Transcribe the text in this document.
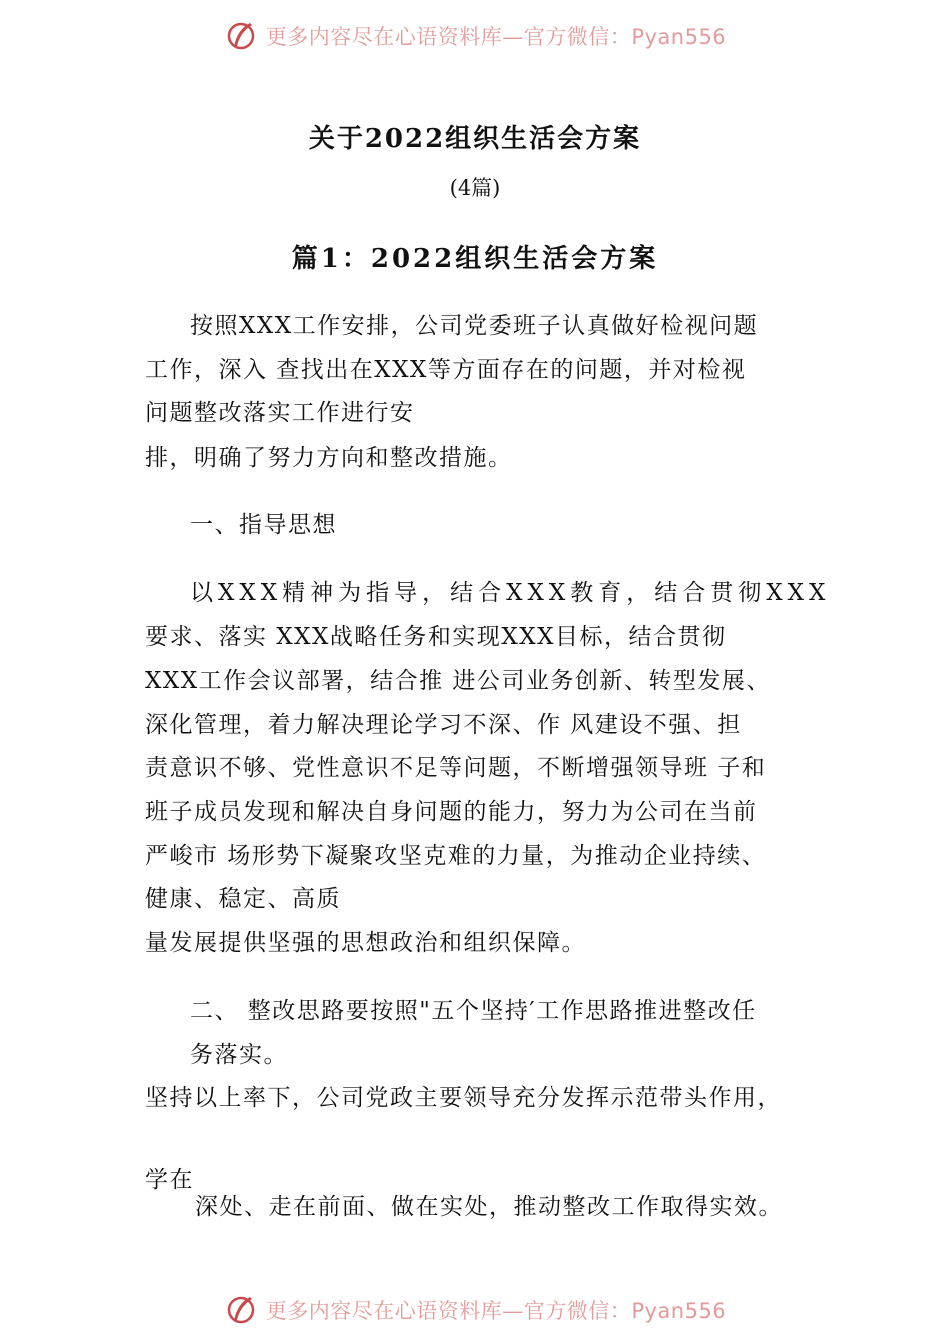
更多内容尽在心语资料库—官方微信：Pyan556
关于2022组织生活会方案
(4篇)
篇1：2022组织生活会方案
按照XXX工作安排，公司党委班子认真做好检视问题
工作，深入 查找出在XXX等方面存在的问题，并对检视
问题整改落实工作进行安
排，明确了努力方向和整改措施。
一、指导思想
以XXX精神为指导，结合XXX教育，结合贯彻XXX
要求、落实 XXX战略任务和实现XXX目标，结合贯彻
XXX工作会议部署，结合推 进公司业务创新、转型发展、
深化管理，着力解决理论学习不深、作 风建设不强、担
责意识不够、党性意识不足等问题，不断增强领导班 子和
班子成员发现和解决自身问题的能力，努力为公司在当前
严峻市 场形势下凝聚攻坚克难的力量，为推动企业持续、
健康、稳定、高质
量发展提供坚强的思想政治和组织保障。
二、 整改思路要按照"五个坚持′工作思路推进整改任
务落实。
坚持以上率下，公司党政主要领导充分发挥示范带头作用，
学在
深处、走在前面、做在实处，推动整改工作取得实效。
更多内容尽在心语资料库—官方微信：Pyan556
